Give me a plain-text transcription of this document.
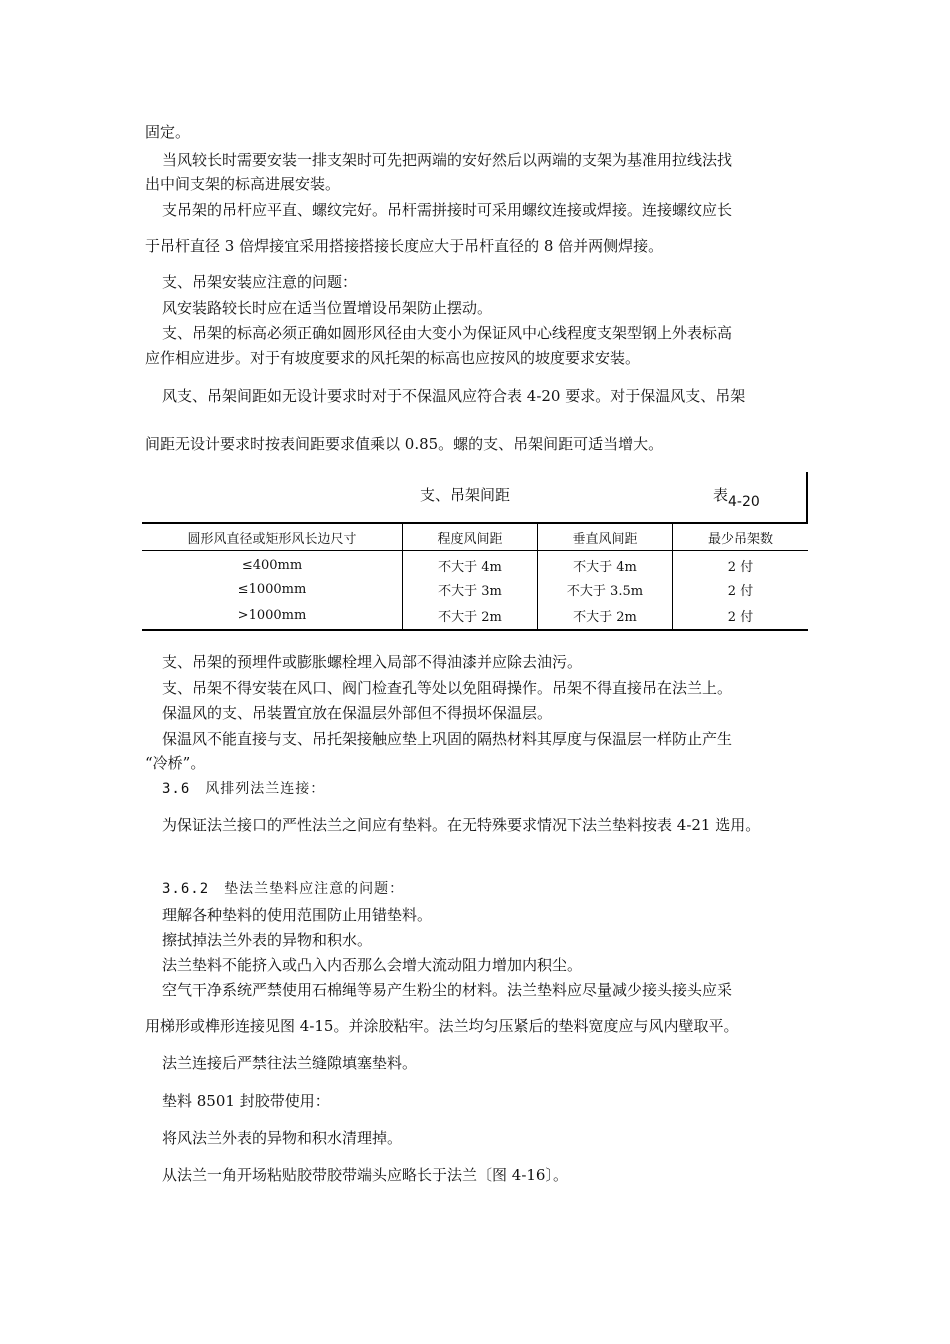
固定。
当风较长时需要安装一排支架时可先把两端的安好然后以两端的支架为基准用拉线法找
出中间支架的标高进展安装。
支吊架的吊杆应平直、螺纹完好。吊杆需拼接时可采用螺纹连接或焊接。连接螺纹应长
于吊杆直径 3 倍焊接宜采用搭接搭接长度应大于吊杆直径的 8 倍并两侧焊接。
支、吊架安装应注意的问题：
风安装路较长时应在适当位置增设吊架防止摆动。
支、吊架的标高必须正确如圆形风径由大变小为保证风中心线程度支架型钢上外表标高
应作相应进步。对于有坡度要求的风托架的标高也应按风的坡度要求安装。
风支、吊架间距如无设计要求时对于不保温风应符合表 4-20 要求。对于保温风支、吊架
间距无设计要求时按表间距要求值乘以 0.85。螺的支、吊架间距可适当增大。
支、吊架间距	表4-20
圆形风直径或矩形风长边尺寸	程度风间距	垂直风间距	最少吊架数
≤400mm	不大于 4m	不大于 4m	2 付
≤1000mm	不大于 3m	不大于 3.5m	2 付
>1000mm	不大于 2m	不大于 2m	2 付
支、吊架的预埋件或膨胀螺栓埋入局部不得油漆并应除去油污。
支、吊架不得安装在风口、阀门检查孔等处以免阻碍操作。吊架不得直接吊在法兰上。
保温风的支、吊装置宜放在保温层外部但不得损坏保温层。
保温风不能直接与支、吊托架接触应垫上巩固的隔热材料其厚度与保温层一样防止产生
“冷桥”。
3.6　风排列法兰连接：
为保证法兰接口的严性法兰之间应有垫料。在无特殊要求情况下法兰垫料按表 4-21 选用。
3.6.2　垫法兰垫料应注意的问题：
理解各种垫料的使用范围防止用错垫料。
擦拭掉法兰外表的异物和积水。
法兰垫料不能挤入或凸入内否那么会增大流动阻力增加内积尘。
空气干净系统严禁使用石棉绳等易产生粉尘的材料。法兰垫料应尽量减少接头接头应采
用梯形或榫形连接见图 4-15。并涂胶粘牢。法兰均匀压紧后的垫料宽度应与风内壁取平。
法兰连接后严禁往法兰缝隙填塞垫料。
垫料 8501 封胶带使用：
将风法兰外表的异物和积水清理掉。
从法兰一角开场粘贴胶带胶带端头应略长于法兰〔图 4-16〕。
